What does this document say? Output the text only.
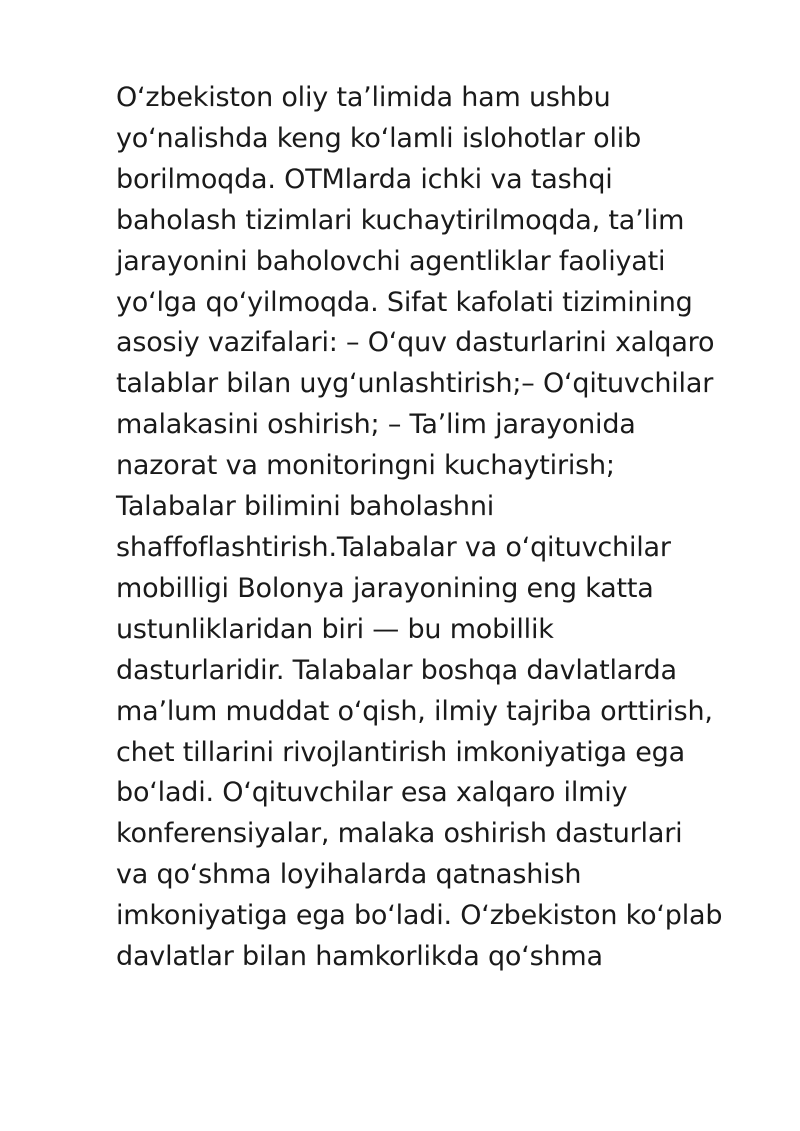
Oʻzbekiston oliy taʼlimida ham ushbu
yoʻnalishda keng koʻlamli islohotlar olib
borilmoqda. OTMlarda ichki va tashqi
baholash tizimlari kuchaytirilmoqda, taʼlim
jarayonini baholovchi agentliklar faoliyati
yoʻlga qoʻyilmoqda. Sifat kafolati tizimining
asosiy vazifalari: – Oʻquv dasturlarini xalqaro
talablar bilan uygʻunlashtirish;– Oʻqituvchilar
malakasini oshirish; – Taʼlim jarayonida
nazorat va monitoringni kuchaytirish;
Talabalar bilimini baholashni
shaffoflashtirish.Talabalar va oʻqituvchilar
mobilligi Bolonya jarayonining eng katta
ustunliklaridan biri — bu mobillik
dasturlaridir. Talabalar boshqa davlatlarda
maʼlum muddat oʻqish, ilmiy tajriba orttirish,
chet tillarini rivojlantirish imkoniyatiga ega
boʻladi. Oʻqituvchilar esa xalqaro ilmiy
konferensiyalar, malaka oshirish dasturlari
va qoʻshma loyihalarda qatnashish
imkoniyatiga ega boʻladi. Oʻzbekiston koʻplab
davlatlar bilan hamkorlikda qoʻshma
